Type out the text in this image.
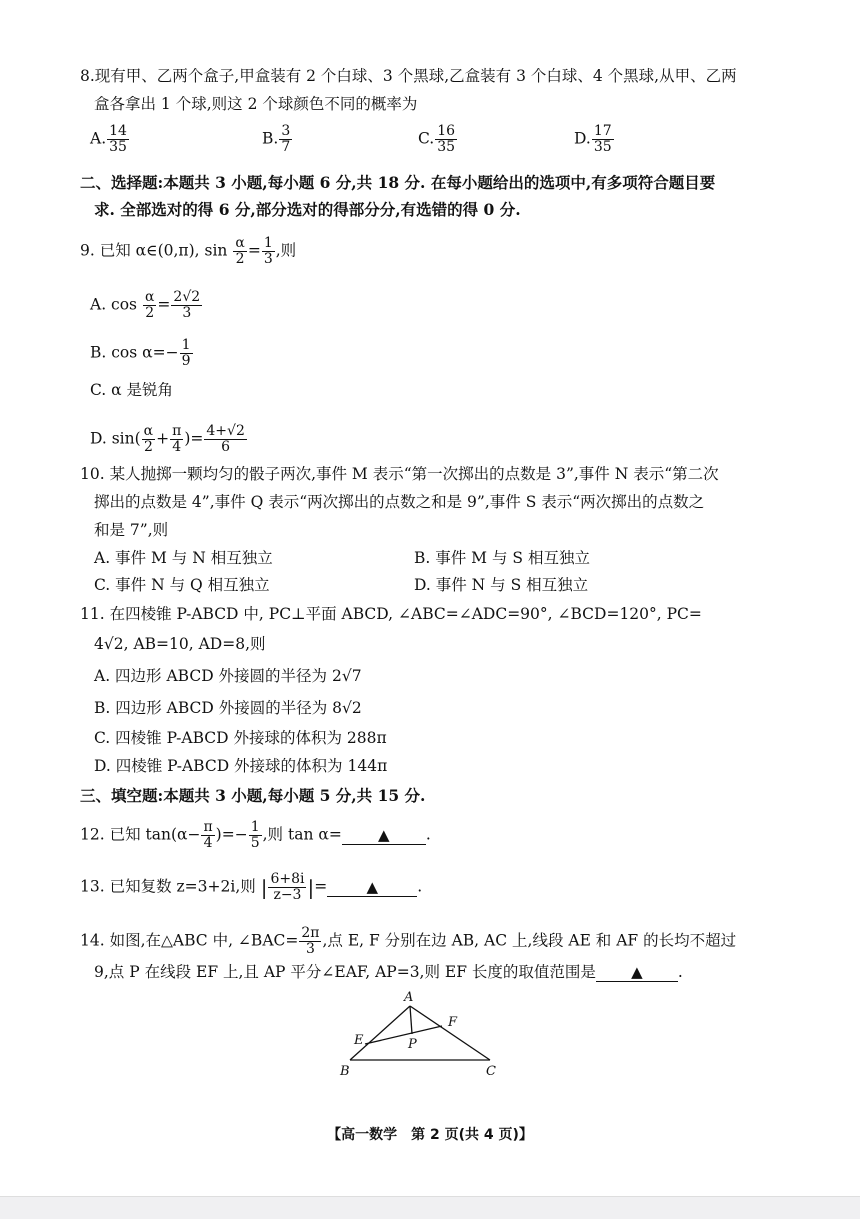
8.现有甲、乙两个盒子,甲盒装有 2 个白球、3 个黑球,乙盒装有 3 个白球、4 个黑球,从甲、乙两
盒各拿出 1 个球,则这 2 个球颜色不同的概率为
A. $\frac{14}{35}$	B. $\frac{3}{7}$	C. $\frac{16}{35}$	D. $\frac{17}{35}$
二、选择题:本题共 3 小题,每小题 6 分,共 18 分. 在每小题给出的选项中,有多项符合题目要
求. 全部选对的得 6 分,部分选对的得部分分,有选错的得 0 分.
9. 已知 α∈(0,π), $\sin \frac{\alpha}{2} = \frac{1}{3}$ ,则
A. $\cos \frac{\alpha}{2} = \frac{2√2}{3}$
B. $\cos \alpha=- \frac{1}{9}$
C. α 是锐角
D. $\sin( \frac{\alpha}{2} + \frac{\pi}{4}$ )= $\frac{4+√2}{6}$
10. 某人抛掷一颗均匀的骰子两次,事件 M 表示“第一次掷出的点数是 3”,事件 N 表示“第二次
掷出的点数是 4”,事件 Q 表示“两次掷出的点数之和是 9”,事件 S 表示“两次掷出的点数之
和是 7”,则
A. 事件 M 与 N 相互独立	B. 事件 M 与 S 相互独立
C. 事件 N 与 Q 相互独立	D. 事件 N 与 S 相互独立
11. 在四棱锥 P-ABCD 中, PC⊥平面 ABCD, ∠ABC=∠ADC=90°, ∠BCD=120°, PC=
4√2, AB=10, AD=8,则
A. 四边形 ABCD 外接圆的半径为 2√7
B. 四边形 ABCD 外接圆的半径为 8√2
C. 四棱锥 P-ABCD 外接球的体积为 288π
D. 四棱锥 P-ABCD 外接球的体积为 144π
三、填空题:本题共 3 小题,每小题 5 分,共 15 分.
12. 已知 $\tan(\alpha- \frac{\pi}{4}$ )=− $\frac{1}{5}$ ,则 tan α= ▲ .
13. 已知复数 z=3+2i,则 | $\frac{6+8i}{z-3}$ |=	▲	.
14. 如图,在△ABC 中, ∠BAC= $\frac{2\pi}{3}$ ,点 E, F 分别在边 AB, AC 上,线段 AE 和 AF 的长均不超过
9,点 P 在线段 EF 上,且 AP 平分∠EAF, AP=3,则 EF 长度的取值范围是 ▲ .
A
B	C
E
F
P
【高一数学　第 2 页(共 4 页)】
